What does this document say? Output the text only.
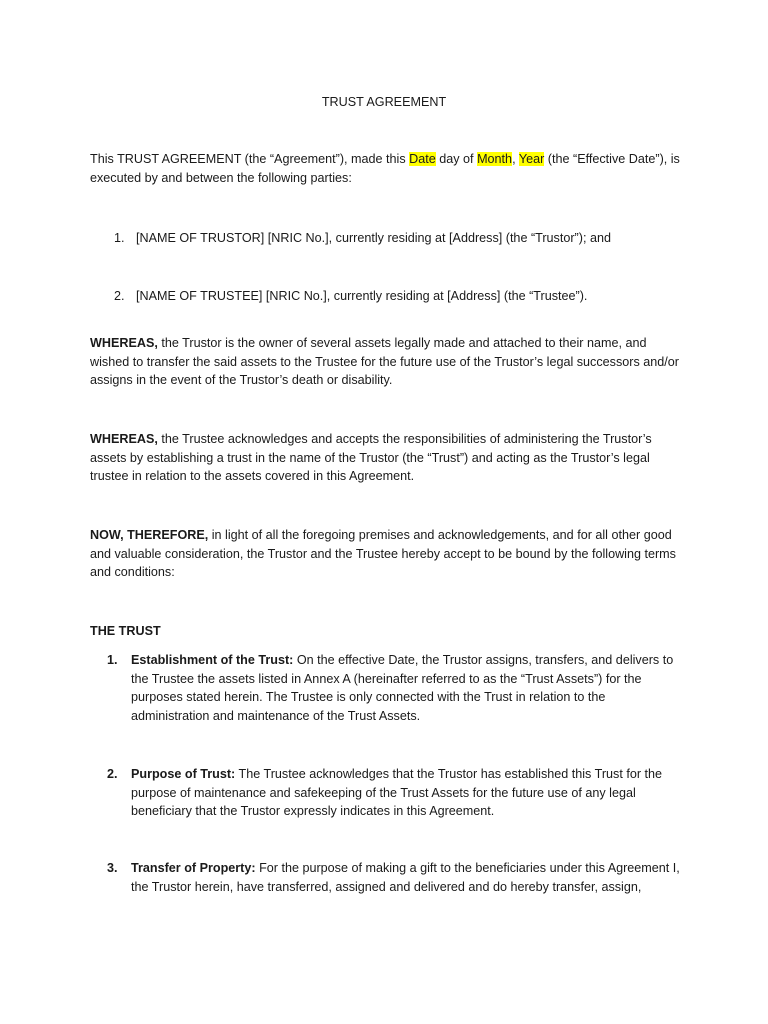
TRUST AGREEMENT
This TRUST AGREEMENT (the “Agreement”), made this Date day of Month, Year (the “Effective Date”), is executed by and between the following parties:
1. [NAME OF TRUSTOR] [NRIC No.], currently residing at [Address] (the “Trustor”); and
2. [NAME OF TRUSTEE] [NRIC No.], currently residing at [Address] (the “Trustee”).
WHEREAS, the Trustor is the owner of several assets legally made and attached to their name, and wished to transfer the said assets to the Trustee for the future use of the Trustor’s legal successors and/or assigns in the event of the Trustor’s death or disability.
WHEREAS, the Trustee acknowledges and accepts the responsibilities of administering the Trustor’s assets by establishing a trust in the name of the Trustor (the “Trust”) and acting as the Trustor’s legal trustee in relation to the assets covered in this Agreement.
NOW, THEREFORE, in light of all the foregoing premises and acknowledgements, and for all other good and valuable consideration, the Trustor and the Trustee hereby accept to be bound by the following terms and conditions:
THE TRUST
1. Establishment of the Trust: On the effective Date, the Trustor assigns, transfers, and delivers to the Trustee the assets listed in Annex A (hereinafter referred to as the “Trust Assets”) for the purposes stated herein. The Trustee is only connected with the Trust in relation to the administration and maintenance of the Trust Assets.
2. Purpose of Trust: The Trustee acknowledges that the Trustor has established this Trust for the purpose of maintenance and safekeeping of the Trust Assets for the future use of any legal beneficiary that the Trustor expressly indicates in this Agreement.
3. Transfer of Property: For the purpose of making a gift to the beneficiaries under this Agreement I, the Trustor herein, have transferred, assigned and delivered and do hereby transfer, assign,
